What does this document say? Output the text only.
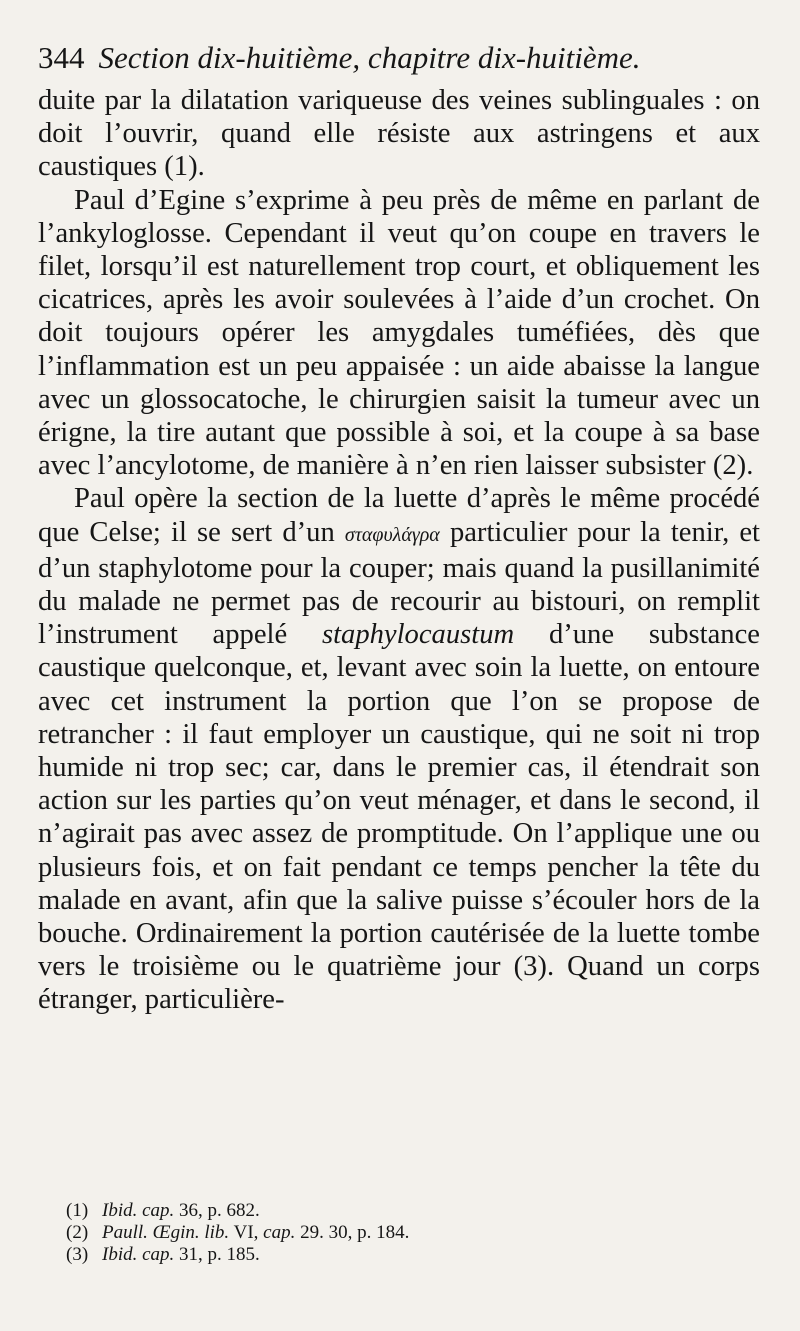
344 Section dix-huitième, chapitre dix-huitième.

duite par la dilatation variqueuse des veines sublinguales : on doit l’ouvrir, quand elle résiste aux astringens et aux caustiques (1).

Paul d’Egine s’exprime à peu près de même en parlant de l’ankyloglosse. Cependant il veut qu’on coupe en travers le filet, lorsqu’il est naturellement trop court, et obliquement les cicatrices, après les avoir soulevées à l’aide d’un crochet. On doit toujours opérer les amygdales tuméfiées, dès que l’inflammation est un peu appaisée : un aide abaisse la langue avec un glossocatoche, le chirurgien saisit la tumeur avec un érigne, la tire autant que possible à soi, et la coupe à sa base avec l’ancylotome, de manière à n’en rien laisser subsister (2).

Paul opère la section de la luette d’après le même procédé que Celse; il se sert d’un σταφυλάγρα particulier pour la tenir, et d’un staphylotome pour la couper; mais quand la pusillanimité du malade ne permet pas de recourir au bistouri, on remplit l’instrument appelé staphylocaustum d’une substance caustique quelconque, et, levant avec soin la luette, on entoure avec cet instrument la portion que l’on se propose de retrancher : il faut employer un caustique, qui ne soit ni trop humide ni trop sec; car, dans le premier cas, il étendrait son action sur les parties qu’on veut ménager, et dans le second, il n’agirait pas avec assez de promptitude. On l’applique une ou plusieurs fois, et on fait pendant ce temps pencher la tête du malade en avant, afin que la salive puisse s’écouler hors de la bouche. Ordinairement la portion cautérisée de la luette tombe vers le troisième ou le quatrième jour (3). Quand un corps étranger, particulière-

(1) Ibid. cap. 36, p. 682.
(2) Paull. Œgin. lib. VI, cap. 29. 30, p. 184.
(3) Ibid. cap. 31, p. 185.
